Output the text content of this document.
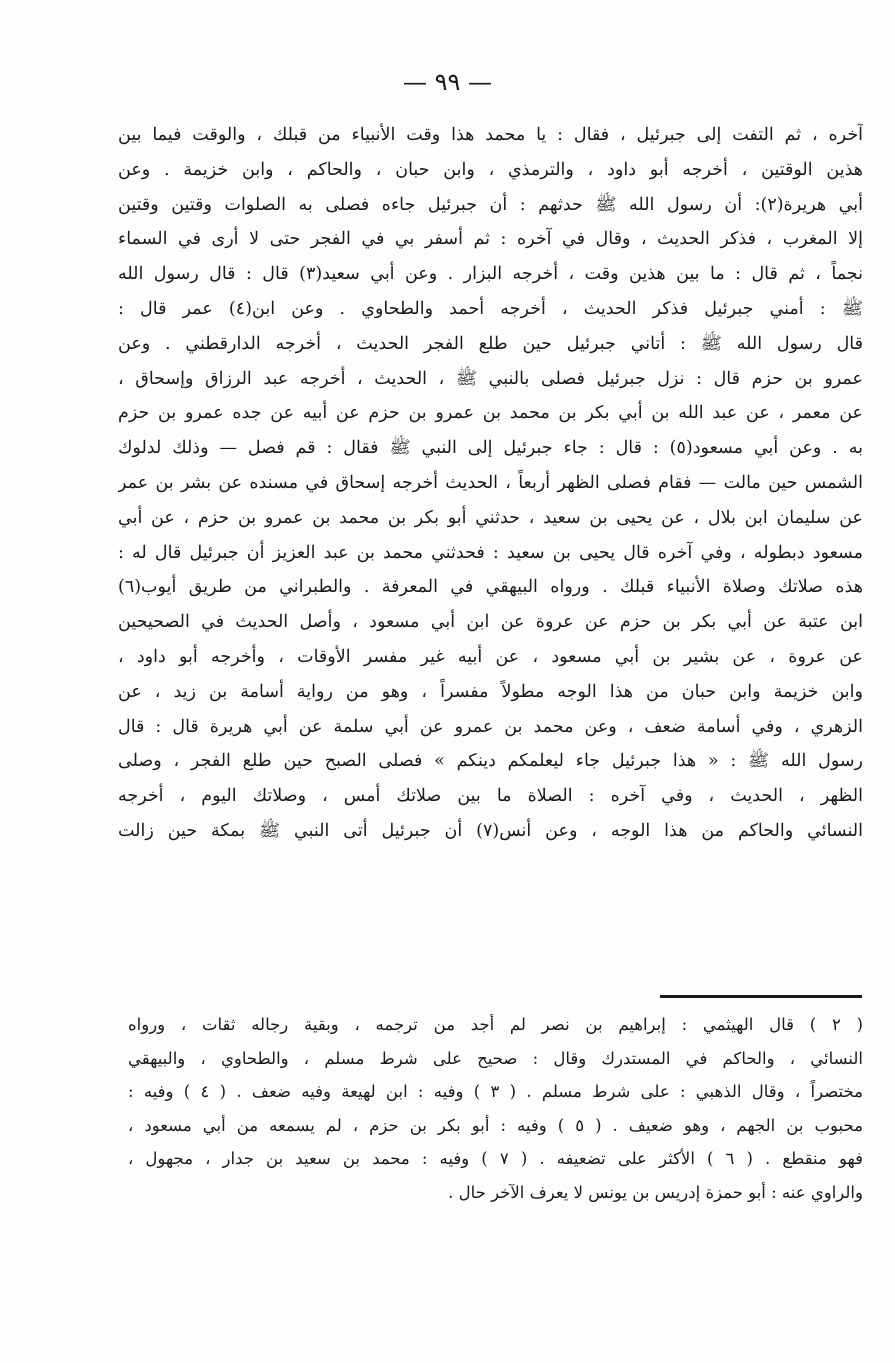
— ٩٩ —
آخره ، ثم التفت إلى جبرئيل ، فقال : يا محمد هذا وقت الأنبياء من قبلك ، والوقت فيما بين
هذين الوقتين ، أخرجه أبو داود ، والترمذي ، وابن حبان ، والحاكم ، وابن خزيمة . وعن
أبي هريرة(٢): أن رسول الله ﷺ حدثهم : أن جبرئيل جاءه فصلى به الصلوات وقتين وقتين
إلا المغرب ، فذكر الحديث ، وقال في آخره : ثم أسفر بي في الفجر حتى لا أرى في السماء
نجماً ، ثم قال : ما بين هذين وقت ، أخرجه البزار . وعن أبي سعيد(٣) قال : قال رسول الله
ﷺ : أمني جبرئيل فذكر الحديث ، أخرجه أحمد والطحاوي . وعن ابن(٤) عمر قال :
قال رسول الله ﷺ : أتاني جبرئيل حين طلع الفجر الحديث ، أخرجه الدارقطني . وعن
عمرو بن حزم قال : نزل جبرئيل فصلى بالنبي ﷺ ، الحديث ، أخرجه عبد الرزاق وإسحاق ،
عن معمر ، عن عبد الله بن أبي بكر بن محمد بن عمرو بن حزم عن أبيه عن جده عمرو بن حزم
به . وعن أبي مسعود(٥) : قال : جاء جبرئيل إلى النبي ﷺ فقال : قم فصل — وذلك لدلوك
الشمس حين مالت — فقام فصلى الظهر أربعاً ، الحديث أخرجه إسحاق في مسنده عن بشر بن عمر
عن سليمان ابن بلال ، عن يحيى بن سعيد ، حدثني أبو بكر بن محمد بن عمرو بن حزم ، عن أبي
مسعود دبطوله ، وفي آخره قال يحيى بن سعيد : فحدثني محمد بن عبد العزيز أن جبرئيل قال له :
هذه صلاتك وصلاة الأنبياء قبلك . ورواه البيهقي في المعرفة . والطبراني من طريق أيوب(٦)
ابن عتبة عن أبي بكر بن حزم عن عروة عن ابن أبي مسعود ، وأصل الحديث في الصحيحين
عن عروة ، عن بشير بن أبي مسعود ، عن أبيه غير مفسر الأوقات ، وأخرجه أبو داود ،
وابن خزيمة وابن حبان من هذا الوجه مطولاً مفسراً ، وهو من رواية أسامة بن زيد ، عن
الزهري ، وفي أسامة ضعف ، وعن محمد بن عمرو عن أبي سلمة عن أبي هريرة قال : قال
رسول الله ﷺ : « هذا جبرئيل جاء ليعلمكم دينكم » فصلى الصبح حين طلع الفجر ، وصلى
الظهر ، الحديث ، وفي آخره : الصلاة ما بين صلاتك أمس ، وصلاتك اليوم ، أخرجه
النسائي والحاكم من هذا الوجه ، وعن أنس(٧) أن جبرئيل أتى النبي ﷺ بمكة حين زالت
( ٢ ) قال الهيثمي : إبراهيم بن نصر لم أجد من ترجمه ، وبقية رجاله ثقات ، ورواه
النسائي ، والحاكم في المستدرك وقال : صحيح على شرط مسلم ، والطحاوي ، والبيهقي
مختصراً ، وقال الذهبي : على شرط مسلم . ( ٣ ) وفيه : ابن لهيعة وفيه ضعف . ( ٤ ) وفيه :
محبوب بن الجهم ، وهو ضعيف . ( ٥ ) وفيه : أبو بكر بن حزم ، لم يسمعه من أبي مسعود ،
فهو منقطع . ( ٦ ) الأكثر على تضعيفه . ( ٧ ) وفيه : محمد بن سعيد بن جدار ، مجهول ،
والراوي عنه : أبو حمزة إدريس بن يونس لا يعرف الآخر حال .
